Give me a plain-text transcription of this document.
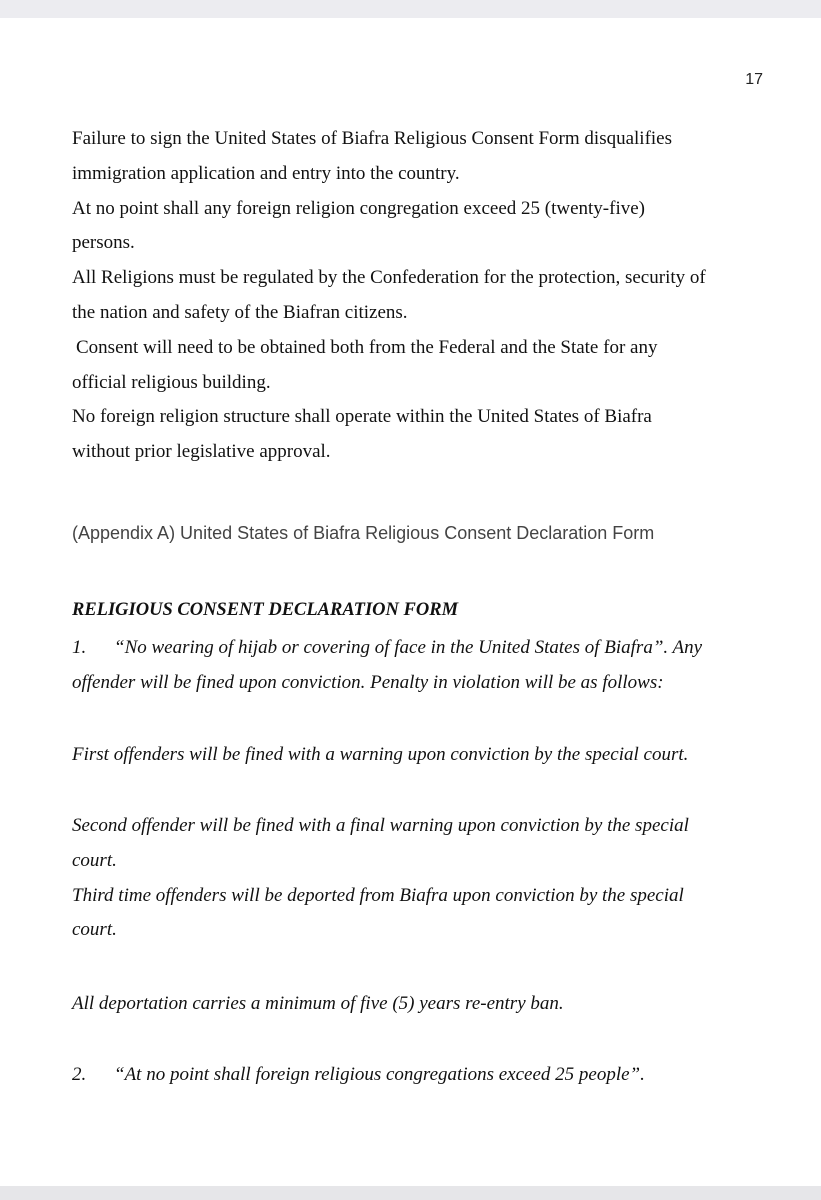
17

Failure to sign the United States of Biafra Religious Consent Form disqualifies

immigration application and entry into the country.

At no point shall any foreign religion congregation exceed 25 (twenty-five)

persons.

All Religions must be regulated by the Confederation for the protection, security of

the nation and safety of the Biafran citizens.

Consent will need to be obtained both from the Federal and the State for any

official religious building.

No foreign religion structure shall operate within the United States of Biafra

without prior legislative approval.

(Appendix A) United States of Biafra Religious Consent Declaration Form
RELIGIOUS CONSENT DECLARATION FORM

1. “No wearing of hijab or covering of face in the United States of Biafra”. Any

offender will be fined upon conviction. Penalty in violation will be as follows:

First offenders will be fined with a warning upon conviction by the special court.

Second offender will be fined with a final warning upon conviction by the special

court.

Third time offenders will be deported from Biafra upon conviction by the special

court.

All deportation carries a minimum of five (5) years re-entry ban.

2. “At no point shall foreign religious congregations exceed 25 people”.
